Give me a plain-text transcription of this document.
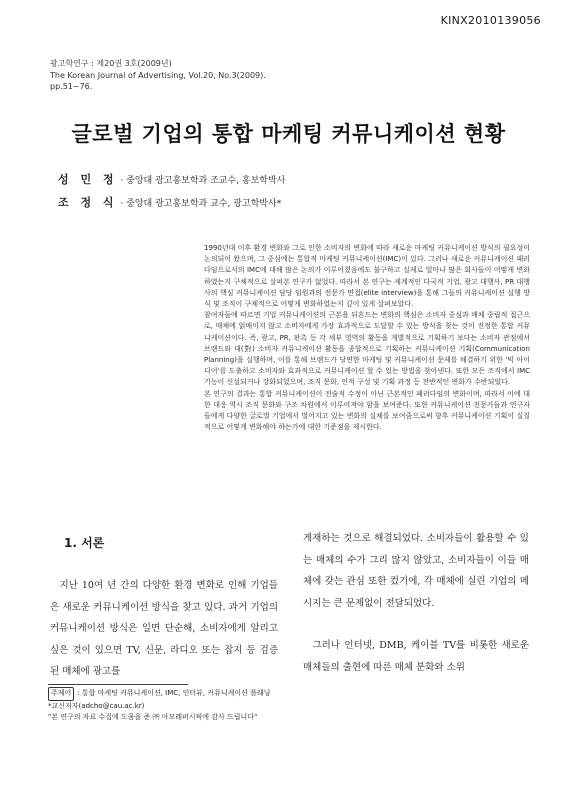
KINX2010139056
광고학연구 : 제20권 3호(2009년)
The Korean Journal of Advertising, Vol.20, No.3(2009).
pp.51~76.
글로벌 기업의 통합 마케팅 커뮤니케이션 현황
성 민 정 · 중앙대 광고홍보학과 조교수, 홍보학박사
조 정 식 · 중앙대 광고홍보학과 교수, 광고학박사*

1990년대 이후 환경 변화와 그로 인한 소비자의 변화에 따라 새로운 마케팅 커뮤니케이션 방식의 필요성이 논의되어 왔으며, 그 중심에는 통합적 마케팅 커뮤니케이션(IMC)이 있다. 그러나 새로운 커뮤니케이션 패러다임으로서의 IMC에 대해 많은 논의가 이루어졌음에도 불구하고 실제로 얼마나 많은 회사들이 어떻게 변화하였는지 구체적으로 살펴본 연구가 없었다. 따라서 본 연구는 세계적인 다국적 기업, 광고 대행사, PR 대행사의 핵심 커뮤니케이션 담당 임원과의 전문가 면접(elite interview)을 통해 그들의 커뮤니케이션 실행 방식 및 조직이 구체적으로 어떻게 변화하였는지 깊이 있게 살펴보았다.

참여자들에 따르면 기업 커뮤니케이션의 근본을 뒤흔드는 변화의 핵심은 소비자 중심과 매체 중립적 접근으로, 매체에 얽매이지 않고 소비자에게 가장 효과적으로 도달할 수 있는 방식을 찾는 것이 진정한 통합 커뮤니케이션이다. 즉, 광고, PR, 판촉 등 각 세부 영역의 활동을 개별적으로 기획하기 보다는 소비자 관점에서 브랜드와 대(對) 소비자 커뮤니케이션 활동을 종합적으로 기획하는 커뮤니케이션 기획(Communication Planning)을 실행하며, 이를 통해 브랜드가 당면한 마케팅 및 커뮤니케이션 문제를 해결하기 위한 '빅 아이디어'를 도출하고 소비자와 효과적으로 커뮤니케이션 할 수 있는 방법을 찾아낸다. 또한 모든 조직에서 IMC 기능이 신설되거나 강화되었으며, 조직 문화, 인적 구성 및 기획 과정 등 전반적인 변화가 수반되었다.

본 연구의 결과는 통합 커뮤니케이션이 전술적 수정이 아닌 근본적인 패러다임의 변화이며, 따라서 이에 대한 대응 역시 조직 문화와 구조 차원에서 이루어져야 함을 보여준다. 또한 커뮤니케이션 전문가들과 연구자들에게 다양한 글로벌 기업에서 벌어지고 있는 변화의 실체를 보여줌으로써 향후 커뮤니케이션 기획이 실질적으로 어떻게 변화해야 하는가에 대한 기준점을 제시한다.

1. 서론

지난 10여 년 간의 다양한 환경 변화로 인해 기업들은 새로운 커뮤니케이션 방식을 찾고 있다. 과거 기업의 커뮤니케이션 방식은 일면 단순해, 소비자에게 알리고 싶은 것이 있으면 TV, 신문, 라디오 또는 잡지 등 검증된 매체에 광고를

게재하는 것으로 해결되었다. 소비자들이 활용할 수 있는 매체의 수가 그리 많지 않았고, 소비자들이 이들 매체에 갖는 관심 또한 컸기에, 각 매체에 실린 기업의 메시지는 큰 문제없이 전달되었다.

그러나 인터넷, DMB, 케이블 TV를 비롯한 새로운 매체들의 출현에 따른 매체 분화와 소위

주제어 : 통합 마케팅 커뮤니케이션, IMC, 인터뷰, 커뮤니케이션 플래닝
*교신저자(adcho@cau.ac.kr)
"본 연구의 자료 수집에 도움을 준 ㈜ 아모레퍼시픽에 감사 드립니다"
